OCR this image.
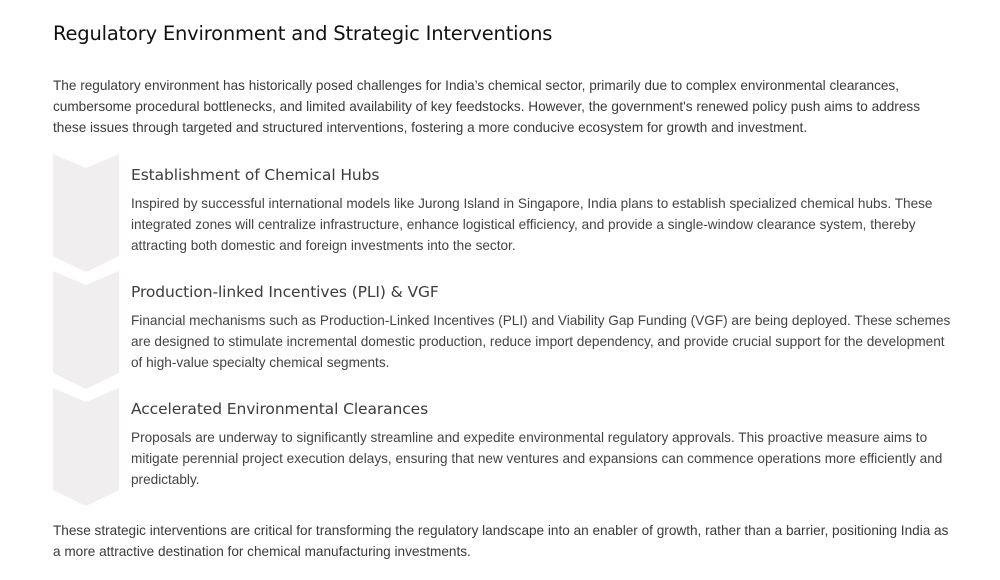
Regulatory Environment and Strategic Interventions

The regulatory environment has historically posed challenges for India’s chemical sector, primarily due to complex environmental clearances, cumbersome procedural bottlenecks, and limited availability of key feedstocks. However, the government's renewed policy push aims to address these issues through targeted and structured interventions, fostering a more conducive ecosystem for growth and investment.

Establishment of Chemical Hubs

Inspired by successful international models like Jurong Island in Singapore, India plans to establish specialized chemical hubs. These integrated zones will centralize infrastructure, enhance logistical efficiency, and provide a single-window clearance system, thereby attracting both domestic and foreign investments into the sector.

Production-linked Incentives (PLI) & VGF

Financial mechanisms such as Production-Linked Incentives (PLI) and Viability Gap Funding (VGF) are being deployed. These schemes are designed to stimulate incremental domestic production, reduce import dependency, and provide crucial support for the development of high-value specialty chemical segments.

Accelerated Environmental Clearances

Proposals are underway to significantly streamline and expedite environmental regulatory approvals. This proactive measure aims to mitigate perennial project execution delays, ensuring that new ventures and expansions can commence operations more efficiently and predictably.

These strategic interventions are critical for transforming the regulatory landscape into an enabler of growth, rather than a barrier, positioning India as a more attractive destination for chemical manufacturing investments.
